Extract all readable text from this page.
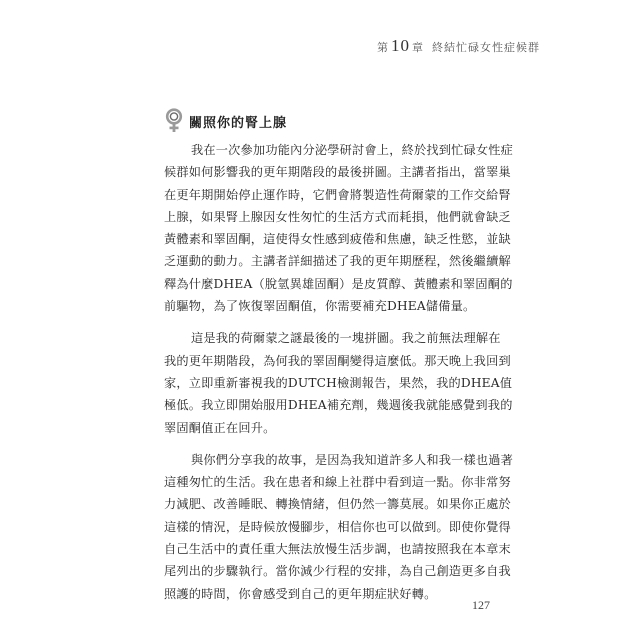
第 10 章 終結忙碌女性症候群
關照你的腎上腺
我在一次參加功能內分泌學研討會上，終於找到忙碌女性症
候群如何影響我的更年期階段的最後拼圖。主講者指出，當睪巢
在更年期開始停止運作時，它們會將製造性荷爾蒙的工作交給腎
上腺，如果腎上腺因女性匆忙的生活方式而耗損，他們就會缺乏
黃體素和睪固酮，這使得女性感到疲倦和焦慮，缺乏性慾，並缺
乏運動的動力。主講者詳細描述了我的更年期歷程，然後繼續解
釋為什麼DHEA（脫氫異雄固酮）是皮質醇、黃體素和睪固酮的
前驅物，為了恢復睪固酮值，你需要補充DHEA儲備量。
這是我的荷爾蒙之謎最後的一塊拼圖。我之前無法理解在
我的更年期階段，為何我的睪固酮變得這麼低。那天晚上我回到
家，立即重新審視我的DUTCH檢測報告，果然，我的DHEA值
極低。我立即開始服用DHEA補充劑，幾週後我就能感覺到我的
睪固酮值正在回升。
與你們分享我的故事，是因為我知道許多人和我一樣也過著
這種匆忙的生活。我在患者和線上社群中看到這一點。你非常努
力減肥、改善睡眠、轉換情緒，但仍然一籌莫展。如果你正處於
這樣的情況，是時候放慢腳步，相信你也可以做到。即使你覺得
自己生活中的責任重大無法放慢生活步調，也請按照我在本章末
尾列出的步驟執行。當你減少行程的安排，為自己創造更多自我
照護的時間，你會感受到自己的更年期症狀好轉。
127
